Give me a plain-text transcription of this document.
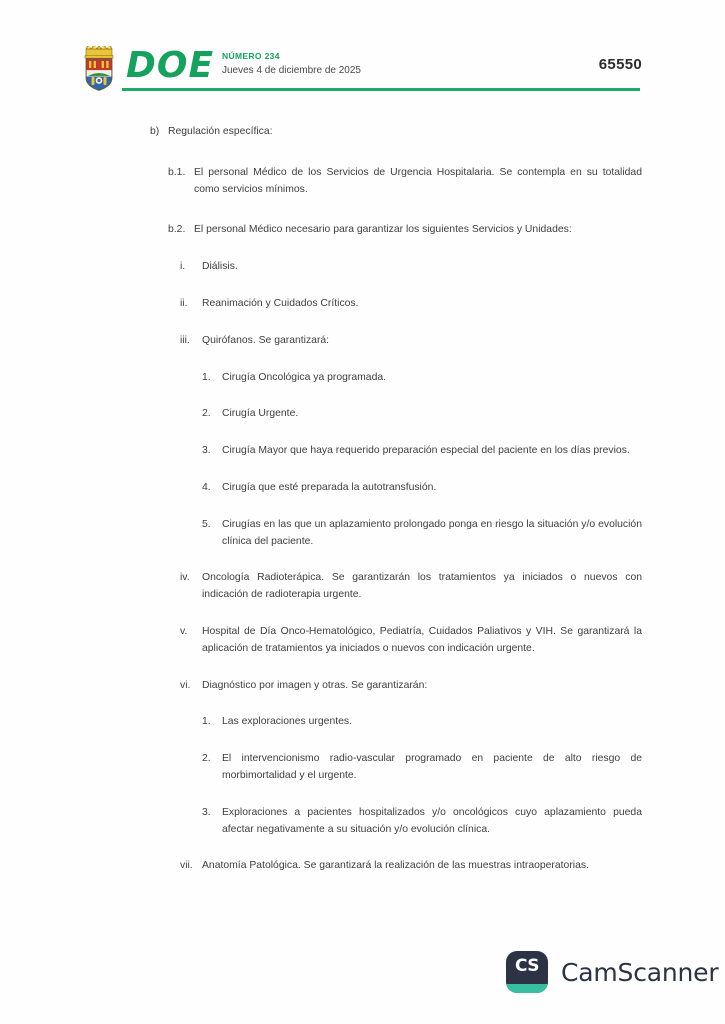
DOE NÚMERO 234

Jueves 4 de diciembre de 2025	65550

b) Regulación específica:

b.1. El personal Médico de los Servicios de Urgencia Hospitalaria. Se contempla en su totalidad como servicios mínimos.

b.2. El personal Médico necesario para garantizar los siguientes Servicios y Unidades:

i. Diálisis.

ii. Reanimación y Cuidados Críticos.

iii. Quirófanos. Se garantizará:

1. Cirugía Oncológica ya programada.

2. Cirugía Urgente.

3. Cirugía Mayor que haya requerido preparación especial del paciente en los días previos.

4. Cirugía que esté preparada la autotransfusión.

5. Cirugías en las que un aplazamiento prolongado ponga en riesgo la situación y/o evolución clínica del paciente.

iv. Oncología Radioterápica. Se garantizarán los tratamientos ya iniciados o nuevos con indicación de radioterapia urgente.

v. Hospital de Día Onco-Hematológico, Pediatría, Cuidados Paliativos y VIH. Se garantizará la aplicación de tratamientos ya iniciados o nuevos con indicación urgente.

vi. Diagnóstico por imagen y otras. Se garantizarán:

1. Las exploraciones urgentes.

2. El intervencionismo radio-vascular programado en paciente de alto riesgo de morbimortalidad y el urgente.

3. Exploraciones a pacientes hospitalizados y/o oncológicos cuyo aplazamiento pueda afectar negativamente a su situación y/o evolución clínica.

vii. Anatomía Patológica. Se garantizará la realización de las muestras intraoperatorias.

CS CamScanner
